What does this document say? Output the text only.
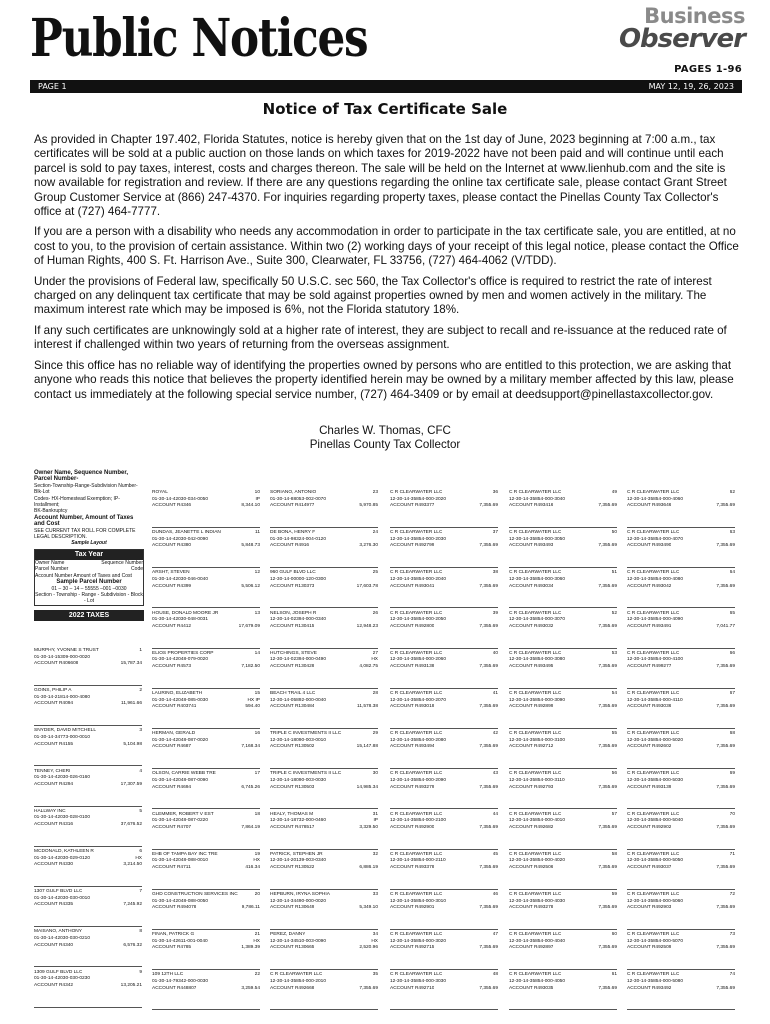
Public Notices	Business
Observer
PAGES 1-96
PAGE 1	MAY 12, 19, 26, 2023
Notice of Tax Certificate Sale

As provided in Chapter 197.402, Florida Statutes, notice is hereby given that on the 1st day of June, 2023 beginning at 7:00 a.m., tax certificates will be sold at a public auction on those lands on which taxes for 2019-2022 have not been paid and will continue until each parcel is sold to pay taxes, interest, costs and charges thereon. The sale will be held on the Internet at www.lienhub.com and the site is now available for registration and review. If there are any questions regarding the online tax certificate sale, please contact Grant Street Group Customer Service at (866) 247-4370. For inquiries regarding property taxes, please contact the Pinellas County Tax Collector's office at (727) 464-7777.

If you are a person with a disability who needs any accommodation in order to participate in the tax certificate sale, you are entitled, at no cost to you, to the provision of certain assistance. Within two (2) working days of your receipt of this legal notice, please contact the Office of Human Rights, 400 S. Ft. Harrison Ave., Suite 300, Clearwater, FL 33756, (727) 464-4062 (V/TDD).

Under the provisions of Federal law, specifically 50 U.S.C. sec 560, the Tax Collector's office is required to restrict the rate of interest charged on any delinquent tax certificate that may be sold against properties owned by men and women actively in the military. The maximum interest rate which may be imposed is 6%, not the Florida statutory 18%.

If any such certificates are unknowingly sold at a higher rate of interest, they are subject to recall and re-issuance at the reduced rate of interest if challenged within two years of returning from the overseas assignment.

Since this office has no reliable way of identifying the properties owned by persons who are entitled to this protection, we are asking that anyone who reads this notice that believes the property identified herein may be owned by a military member affected by this law, please contact us immediately at the following special service number, (727) 464-3409 or by email at deedsupport@pinellastaxcollector.gov.

Charles W. Thomas, CFC
Pinellas County Tax Collector
Owner Name, Sequence Number, Parcel Number-
Section-Township-Range-Subdivision Number-Blk-Lot
Codes- HX-Homestead Exemption; IP-Installment;
BK-Bankruptcy
Account Number, Amount of Taxes and Cost
SEE CURRENT TAX ROLL FOR COMPLETE LEGAL DESCRIPTION.
Sample Layout
Tax Year
Owner Name	Sequence Number
Parcel Number	Code
Account Number Amount of Taxes and Cost
Sample Parcel Number
01 – 30 – 14 – 55555 –001 –0030
Section - Township - Range - Subdivision - Block - Lot
2022 TAXES
MURPHY, YVONNE S TRUST	1
01-30-14-15309-000-0020
ACCOUNT R406608	15,787.34
GOINS, PHILIP A	2
01-30-14-21814-000-4080
ACCOUNT R4094	11,961.66
SNYDER, DAVID MITCHELL	3
01-30-14-34773-000-0010
ACCOUNT R4155	5,104.98
TENNEY, CHERI	4
01-30-14-42030-026-0160
ACCOUNT R4294	17,307.59
HALLWAY INC	5
01-30-14-42030-028-0100
ACCOUNT R4316	37,676.52
MCDONALD, KATHLEEN R	6
01-30-14-42030-029-0120	HX
ACCOUNT R4330	3,214.50
1307 GULF BLVD LLC	7
01-30-14-42030-030-0010
ACCOUNT R4335	7,245.92
MAISANO, ANTHONY	8
01-30-14-42030-030-0210
ACCOUNT R4340	6,576.32
1309 GULF BLVD LLC	9
01-30-14-42030-030-0230
ACCOUNT R4342	13,205.21
ROYAL	10
01-30-14-42030-034-0050	IP
ACCOUNT R4346	8,344.10
DUNDAS, JEANETTE L INDIAN	11
01-30-14-42030-042-0090
ACCOUNT R4380	5,848.73
ARSHT, STEVEN	12
01-30-14-42030-046-0040
ACCOUNT R4399	5,506.12
HOUSE, DONALD MOORE JR	13
01-30-14-42030-048-0031
ACCOUNT R4412	17,679.09
ELIOS PROPERTIES CORP	14
01-30-14-42048-079-0020
ACCOUNT R4573	7,182.50
LAURINO, ELIZABETH	15
01-30-14-42048-085-0030	HX IP
ACCOUNT R403741	594.40
HERMAN, GERALD	16
01-30-14-42048-087-0020
ACCOUNT R4687	7,168.34
OLSON, CARRIE WEBB TRE	17
01-30-14-42048-087-0090
ACCOUNT R4694	6,745.26
CLEMMER, ROBERT V EST	18
01-30-14-42048-087-0220
ACCOUNT R4707	7,864.19
EHB OF TAMPA BAY INC TRE	19
01-30-14-42048-088-0010	HX
ACCOUNT R4711	416.34
GHD CONSTRUCTION SERVICES INC	20
01-30-14-42048-088-0050
ACCOUNT R494078	9,786.11
FINAN, PATRICK G	21
01-30-14-42611-001-0040	HX
ACCOUNT R4785	1,389.39
109 12TH LLC	22
01-30-14-79342-000-0030
ACCOUNT R448807	3,259.54
SORIANO, ANTONIO	23
01-30-14-88053-002-0070
ACCOUNT R414977	5,970.85
DE BONA, HENRY F	24
01-30-14-98324-004-0120
ACCOUNT R4916	3,276.30
960 GULF BLVD LLC	25
12-30-14-00000-120-0300
ACCOUNT R130373	17,603.78
NELSON, JOSEPH R	26
12-30-14-02394-000-0340
ACCOUNT R130415	12,948.23
HUTCHINGS, STEVE	27
12-30-14-02394-000-0490	HX
ACCOUNT R130428	4,082.75
BEACH TRAIL 4 LLC	28
12-30-14-05892-000-0040
ACCOUNT R130484	11,578.38
TRIPLE C INVESTMENTS II LLC	29
12-30-14-18090-003-0010
ACCOUNT R130502	15,147.88
TRIPLE C INVESTMENTS II LLC	30
12-30-14-18090-003-0030
ACCOUNT R130503	14,985.34
HEALY, THOMAS M	31
12-30-14-18732-000-0460	IP
ACCOUNT R478517	3,329.50
PATRICK, STEPHEN JR	32
12-30-14-20139-003-0340
ACCOUNT R130522	6,886.19
HEPBURN, IRYNA SOPHIA	33
12-30-14-34490-000-0020
ACCOUNT R130649	5,349.10
PEREZ, DANNY	34
12-30-14-34510-003-0090	HX
ACCOUNT R130665	2,520.96
C R CLEARWATER LLC	35
12-30-14-35854-000-2010
ACCOUNT R492668	7,355.69
C R CLEARWATER LLC	36
12-30-14-35854-000-2020
ACCOUNT R493377	7,355.69
C R CLEARWATER LLC	37
12-30-14-35854-000-2030
ACCOUNT R492799	7,355.69
C R CLEARWATER LLC	38
12-30-14-35854-000-2040
ACCOUNT R493041	7,355.69
C R CLEARWATER LLC	39
12-30-14-35854-000-2050
ACCOUNT R492800	7,355.69
C R CLEARWATER LLC	40
12-30-14-35854-000-2060
ACCOUNT R493138	7,355.69
C R CLEARWATER LLC	41
12-30-14-35854-000-2070
ACCOUNT R493018	7,355.69
C R CLEARWATER LLC	42
12-30-14-35854-000-2080
ACCOUNT R493494	7,355.69
C R CLEARWATER LLC	43
12-30-14-35854-000-2090
ACCOUNT R493279	7,355.69
C R CLEARWATER LLC	44
12-30-14-35854-000-2100
ACCOUNT R492900	7,355.69
C R CLEARWATER LLC	45
12-30-14-35854-000-2110
ACCOUNT R493378	7,355.69
C R CLEARWATER LLC	46
12-30-14-35854-000-3010
ACCOUNT R492901	7,355.69
C R CLEARWATER LLC	47
12-30-14-35854-000-3020
ACCOUNT R492715	7,355.69
C R CLEARWATER LLC	48
12-30-14-35854-000-3030
ACCOUNT R492710	7,355.69
C R CLEARWATER LLC	49
12-30-14-35854-000-3040
ACCOUNT R493416	7,355.69
C R CLEARWATER LLC	50
12-30-14-35854-000-3050
ACCOUNT R493493	7,355.69
C R CLEARWATER LLC	51
12-30-14-35854-000-3060
ACCOUNT R493034	7,355.69
C R CLEARWATER LLC	52
12-30-14-35854-000-3070
ACCOUNT R493032	7,355.69
C R CLEARWATER LLC	53
12-30-14-35854-000-3080
ACCOUNT R493495	7,355.69
C R CLEARWATER LLC	54
12-30-14-35854-000-3090
ACCOUNT R492899	7,355.69
C R CLEARWATER LLC	55
12-30-14-35854-000-3100
ACCOUNT R492712	7,355.69
C R CLEARWATER LLC	56
12-30-14-35854-000-3110
ACCOUNT R492793	7,355.69
C R CLEARWATER LLC	57
12-30-14-35854-000-4010
ACCOUNT R492682	7,355.69
C R CLEARWATER LLC	58
12-30-14-35854-000-4020
ACCOUNT R492506	7,355.69
C R CLEARWATER LLC	59
12-30-14-35854-000-4030
ACCOUNT R493278	7,355.69
C R CLEARWATER LLC	60
12-30-14-35854-000-4040
ACCOUNT R492897	7,355.69
C R CLEARWATER LLC	61
12-30-14-35854-000-4050
ACCOUNT R493035	7,355.69
C R CLEARWATER LLC	62
12-30-14-35854-000-4060
ACCOUNT R493646	7,355.69
C R CLEARWATER LLC	63
12-30-14-35854-000-4070
ACCOUNT R493490	7,355.69
C R CLEARWATER LLC	64
12-30-14-35854-000-4080
ACCOUNT R493042	7,355.69
C R CLEARWATER LLC	65
12-30-14-35854-000-4090
ACCOUNT R493491	7,041.77
C R CLEARWATER LLC	66
12-30-14-35854-000-4100
ACCOUNT R499277	7,355.69
C R CLEARWATER LLC	67
12-30-14-35854-000-4110
ACCOUNT R493036	7,355.69
C R CLEARWATER LLC	68
12-30-14-35854-000-5020
ACCOUNT R492602	7,355.69
C R CLEARWATER LLC	69
12-30-14-35854-000-5030
ACCOUNT R493139	7,355.69
C R CLEARWATER LLC	70
12-30-14-35854-000-5040
ACCOUNT R492902	7,355.69
C R CLEARWATER LLC	71
12-30-14-35854-000-5050
ACCOUNT R493037	7,355.69
C R CLEARWATER LLC	72
12-30-14-35854-000-5060
ACCOUNT R492903	7,355.69
C R CLEARWATER LLC	73
12-30-14-35854-000-5070
ACCOUNT R492509	7,355.69
C R CLEARWATER LLC	74
12-30-14-35854-000-5080
ACCOUNT R493492	7,355.69
